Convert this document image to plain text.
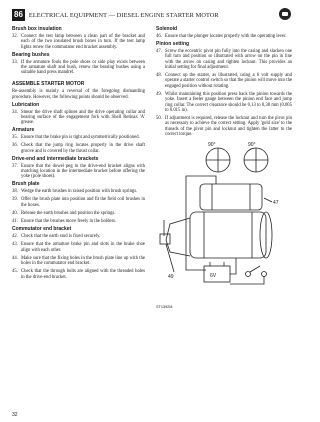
86 ELECTRICAL EQUIPMENT — DIESEL ENGINE STARTER MOTOR
Brush box insulation
32. Connect the test lamp between a clean part of the bracket and each of the two insulated brush boxes in turn. If the test lamp lights renew the commutator end bracket assembly.
Bearing bushes
33. If the armature fouls the pole shoes or side play exists between the armature shaft and bush, renew the bearing bushes using a suitable hand press mandrel.
ASSEMBLE STARTER MOTOR
Re-assembly is mainly a reversal of the foregoing dismantling procedure. However, the following points should be observed.
Lubrication
34. Smear the drive shaft splines and the drive operating collar and bearing surface of the engagement fork with Shell Retinax 'A' grease.
Armature
35. Ensure that the brake pin is tight and symmetrically positioned.
36. Check that the jump ring locates properly in the drive shaft groove and is covered by the thrust collar.
Drive-end and intermediate brackets
37. Ensure that the dowel peg in the drive-end bracket aligns with matching location in the intermediate bracket before offering the yoke (pole shoes).
Brush plate
38. Wedge the earth brushes in raised position with brush springs.
39. Offer the brush plate into position and fit the field coil brushes in the boxes.
40. Release the earth brushes and position the springs.
41. Ensure that the brushes move freely in the holders.
Commutator end bracket
42. Check that the earth stud is fixed securely.
43. Ensure that the armature brake pin and slots in the brake shoe align with each other.
44. Make sure that the fixing holes in the brush plate line up with the holes in the commutator end bracket.
45. Check that the through bolts are aligned with the threaded holes in the drive-end bracket.
Solenoid
46. Ensure that the plunger locates properly with the operating lever.
Pinion setting
47. Screw the eccentric pivot pin fully into the casing and slacken one full turn and position so illustrated with arrow on the pin in line with the arrow on casing and tighten locknut. This provides an initial setting for final adjustment.
48. Connect up the starter, as illustrated, using a 6 volt supply and operate a starter control switch so that the pinion will move into the engaged position without rotating.
49. Whilst maintaining this position press back the pinion towards the yoke. Insert a feeler gauge between the pinion end face and jump ring collar. The correct clearance should be 0,13 to 0,38 mm (0.005 to 0.015 in).
50. If adjustment is required, release the locknut and turn the pivot pin as necessary to achieve the correct setting. Apply 'gold size' to the threads of the pivot pin and locknut and tighten the latter to the correct torque.
90°	90°
47
49	6V
ST1392M
32
